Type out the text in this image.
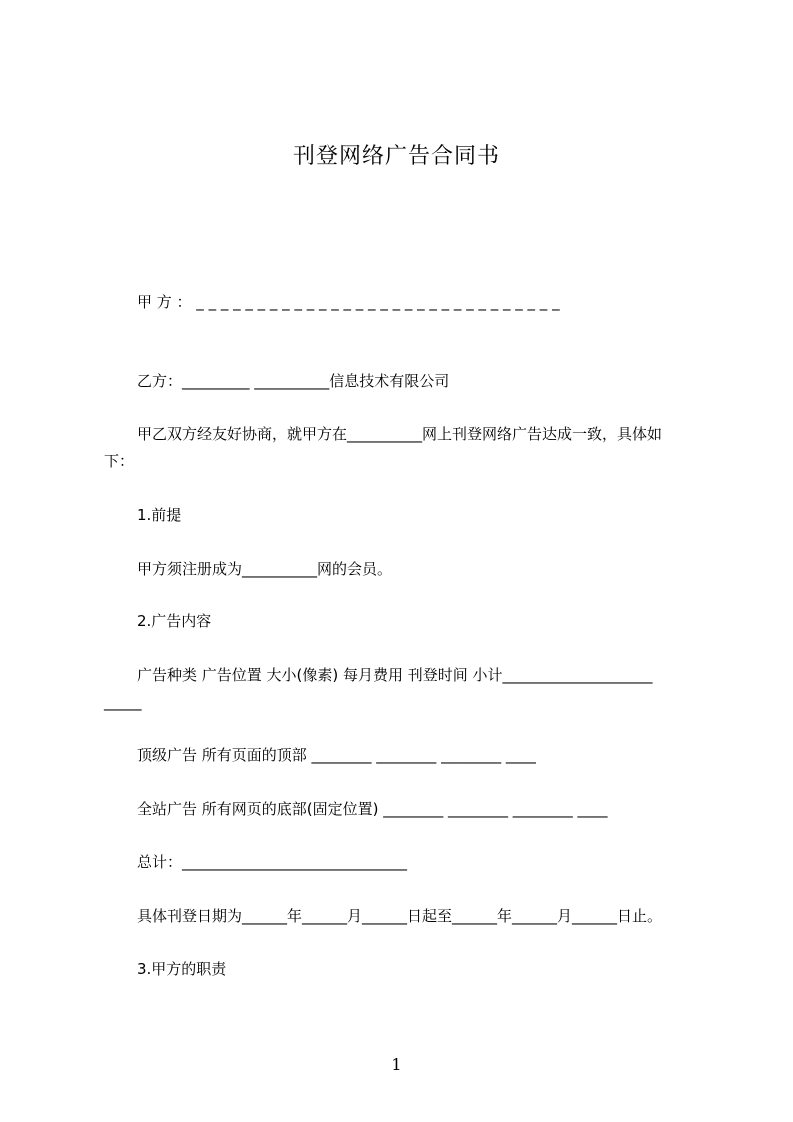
刊登网络广告合同书
甲 方 ： _ _ _ _ _ _ _ _ _ _ _ _ _ _ _ _ _ _ _ _ _ _ _ _ _ _ _ _ _ _
乙方：_________ __________信息技术有限公司
甲乙双方经友好协商，就甲方在__________网上刊登网络广告达成一致，具体如
下：
1.前提
甲方须注册成为__________网的会员。
2.广告内容
广告种类 广告位置 大小(像素) 每月费用 刊登时间 小计____________________
_____
顶级广告 所有页面的顶部 ________ ________ ________ ____
全站广告 所有网页的底部(固定位置) ________ ________ ________ ____
总计：______________________________
具体刊登日期为______年______月______日起至______年______月______日止。
3.甲方的职责
1
